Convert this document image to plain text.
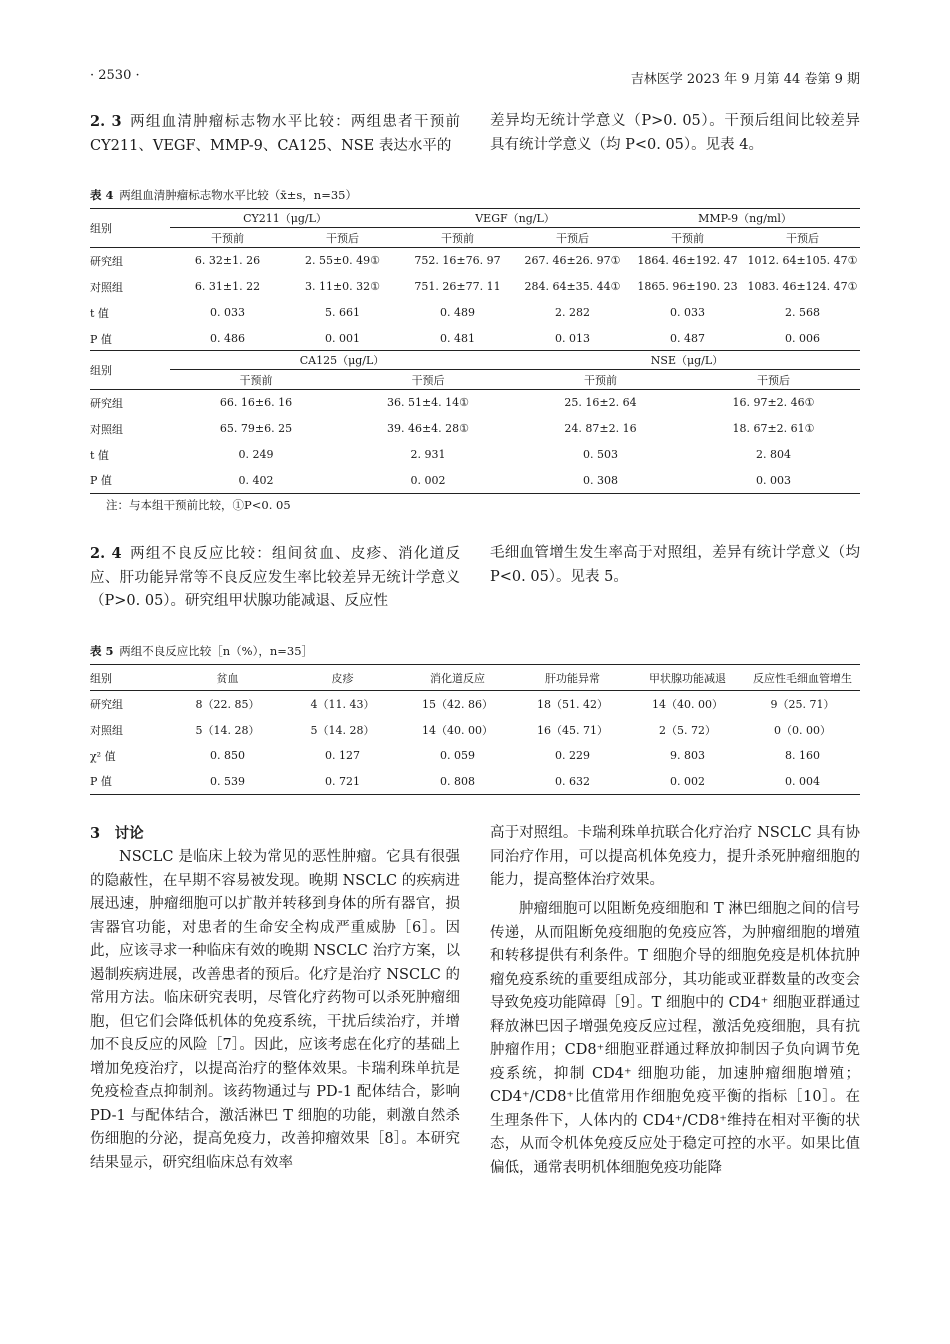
· 2530 ·	吉林医学 2023 年 9 月第 44 卷第 9 期
2. 3  两组血清肿瘤标志物水平比较：两组患者干预前 CY211、VEGF、MMP-9、CA125、NSE 表达水平的
差异均无统计学意义（P>0. 05）。干预后组间比较差异具有统计学意义（均 P<0. 05）。见表 4。
表 4  两组血清肿瘤标志物水平比较（x̄±s，n=35）
组别	CY211（μg/L）		VEGF（ng/L）		MMP-9（ng/ml）	
	干预前	干预后	干预前	干预后	干预前	干预后
研究组	6. 32±1. 26	2. 55±0. 49①	752. 16±76. 97	267. 46±26. 97①	1864. 46±192. 47	1012. 64±105. 47①
对照组	6. 31±1. 22	3. 11±0. 32①	751. 26±77. 11	284. 64±35. 44①	1865. 96±190. 23	1083. 46±124. 47①
t 值	0. 033	5. 661	0. 489	2. 282	0. 033	2. 568
P 值	0. 486	0. 001	0. 481	0. 013	0. 487	0. 006
组别	CA125（μg/L）		NSE（μg/L）	
	干预前	干预后	干预前	干预后
研究组	66. 16±6. 16	36. 51±4. 14①	25. 16±2. 64	16. 97±2. 46①
对照组	65. 79±6. 25	39. 46±4. 28①	24. 87±2. 16	18. 67±2. 61①
t 值	0. 249	2. 931	0. 503	2. 804
P 值	0. 402	0. 002	0. 308	0. 003
注：与本组干预前比较，①P<0. 05
2. 4  两组不良反应比较：组间贫血、皮疹、消化道反应、肝功能异常等不良反应发生率比较差异无统计学意义（P>0. 05）。研究组甲状腺功能减退、反应性
毛细血管增生发生率高于对照组，差异有统计学意义（均 P<0. 05）。见表 5。
表 5  两组不良反应比较［n（%），n=35］
组别	贫血	皮疹	消化道反应	肝功能异常	甲状腺功能减退	反应性毛细血管增生
研究组	8（22. 85）	4（11. 43）	15（42. 86）	18（51. 42）	14（40. 00）	9（25. 71）
对照组	5（14. 28）	5（14. 28）	14（40. 00）	16（45. 71）	2（5. 72）	0（0. 00）
χ² 值	0. 850	0. 127	0. 059	0. 229	9. 803	8. 160
P 值	0. 539	0. 721	0. 808	0. 632	0. 002	0. 004
3　讨论
NSCLC 是临床上较为常见的恶性肿瘤。它具有很强的隐蔽性，在早期不容易被发现。晚期 NSCLC 的疾病进展迅速，肿瘤细胞可以扩散并转移到身体的所有器官，损害器官功能，对患者的生命安全构成严重威胁［6］。因此，应该寻求一种临床有效的晚期 NSCLC 治疗方案，以遏制疾病进展，改善患者的预后。化疗是治疗 NSCLC 的常用方法。临床研究表明，尽管化疗药物可以杀死肿瘤细胞，但它们会降低机体的免疫系统，干扰后续治疗，并增加不良反应的风险［7］。因此，应该考虑在化疗的基础上增加免疫治疗，以提高治疗的整体效果。卡瑞利珠单抗是免疫检查点抑制剂。该药物通过与 PD-1 配体结合，影响 PD-1 与配体结合，激活淋巴 T 细胞的功能，刺激自然杀伤细胞的分泌，提高免疫力，改善抑瘤效果［8］。本研究结果显示，研究组临床总有效率
高于对照组。卡瑞利珠单抗联合化疗治疗 NSCLC 具有协同治疗作用，可以提高机体免疫力，提升杀死肿瘤细胞的能力，提高整体治疗效果。
肿瘤细胞可以阻断免疫细胞和 T 淋巴细胞之间的信号传递，从而阻断免疫细胞的免疫应答，为肿瘤细胞的增殖和转移提供有利条件。T 细胞介导的细胞免疫是机体抗肿瘤免疫系统的重要组成部分，其功能或亚群数量的改变会导致免疫功能障碍［9］。T 细胞中的 CD4⁺ 细胞亚群通过释放淋巴因子增强免疫反应过程，激活免疫细胞，具有抗肿瘤作用；CD8⁺细胞亚群通过释放抑制因子负向调节免疫系统，抑制 CD4⁺ 细胞功能，加速肿瘤细胞增殖；CD4⁺/CD8⁺比值常用作细胞免疫平衡的指标［10］。在生理条件下，人体内的 CD4⁺/CD8⁺维持在相对平衡的状态，从而令机体免疫反应处于稳定可控的水平。如果比值偏低，通常表明机体细胞免疫功能降
